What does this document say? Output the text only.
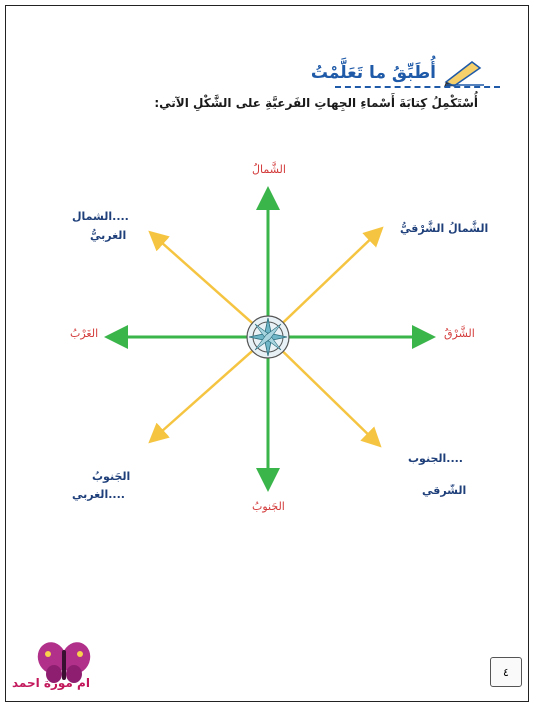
أُطَبِّقُ ما تَعَلَّمْتُ
أُسْتَكْمِلُ كِتابَةَ أَسْماءِ الجِهاتِ الفَرعيَّةِ على الشَّكْلِ الآتي:
الشَّمالُ
الجَنوبُ
الشَّرْقُ
الغَرْبُ
الشَّمالُ الشَّرْقيُّ
....الشمال
الغربيُّ
....الجنوب
الشّرقي
الجَنوبُ
....الغربي
٤
ام موزة احمد
